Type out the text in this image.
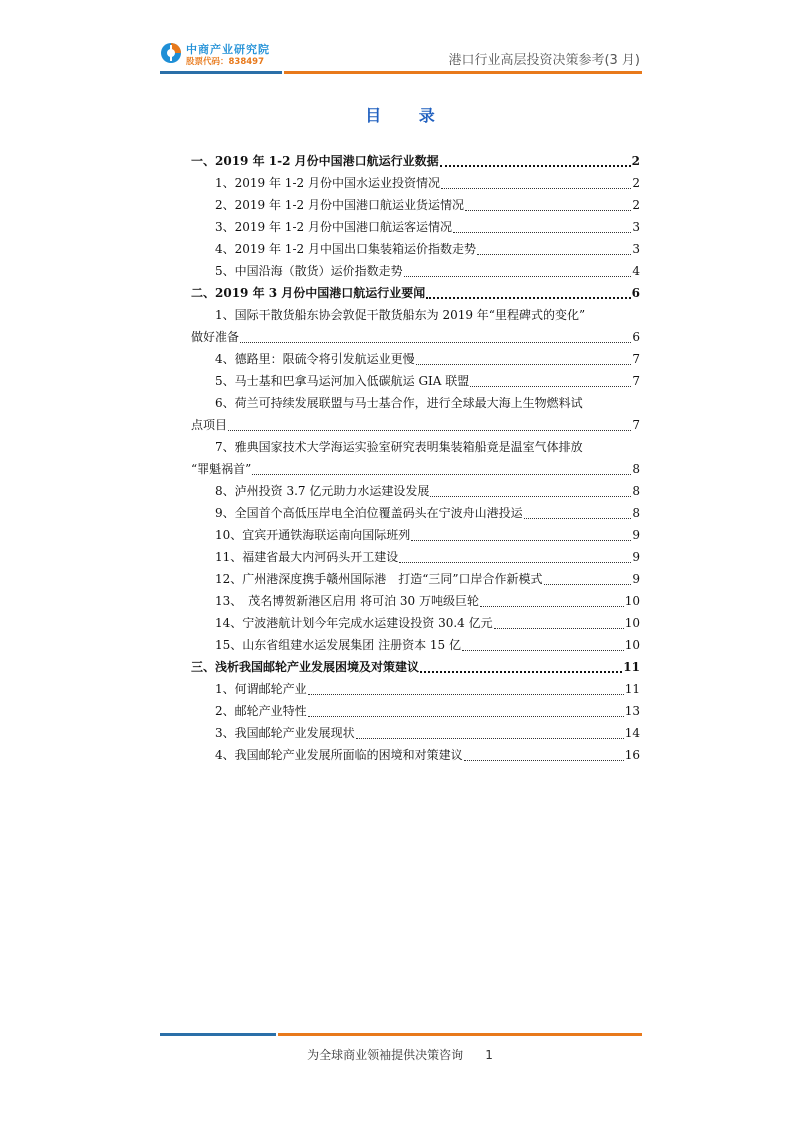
中商产业研究院
股票代码：838497	港口行业高层投资决策参考(3 月)
目 录
一、2019 年 1-2 月份中国港口航运行业数据	2
1、2019 年 1-2 月份中国水运业投资情况	2
2、2019 年 1-2 月份中国港口航运业货运情况	2
3、2019 年 1-2 月份中国港口航运客运情况	3
4、2019 年 1-2 月中国出口集装箱运价指数走势	3
5、中国沿海（散货）运价指数走势	4
二、2019 年 3 月份中国港口航运行业要闻	6
1、国际干散货船东协会敦促干散货船东为 2019 年“里程碑式的变化”
做好准备	6
4、德路里：限硫令将引发航运业更慢	7
5、马士基和巴拿马运河加入低碳航运 GIA 联盟	7
6、荷兰可持续发展联盟与马士基合作，进行全球最大海上生物燃料试
点项目	7
7、雅典国家技术大学海运实验室研究表明集装箱船竟是温室气体排放
“罪魁祸首”	8
8、泸州投资 3.7 亿元助力水运建设发展	8
9、全国首个高低压岸电全泊位覆盖码头在宁波舟山港投运	8
10、宜宾开通铁海联运南向国际班列	9
11、福建省最大内河码头开工建设	9
12、广州港深度携手赣州国际港　打造“三同”口岸合作新模式	9
13、　茂名博贺新港区启用 将可泊 30 万吨级巨轮	10
14、宁波港航计划今年完成水运建设投资 30.4 亿元	10
15、山东省组建水运发展集团 注册资本 15 亿	10
三、浅析我国邮轮产业发展困境及对策建议	11
1、何谓邮轮产业	11
2、邮轮产业特性	13
3、我国邮轮产业发展现状	14
4、我国邮轮产业发展所面临的困境和对策建议	16
为全球商业领袖提供决策咨询 1
